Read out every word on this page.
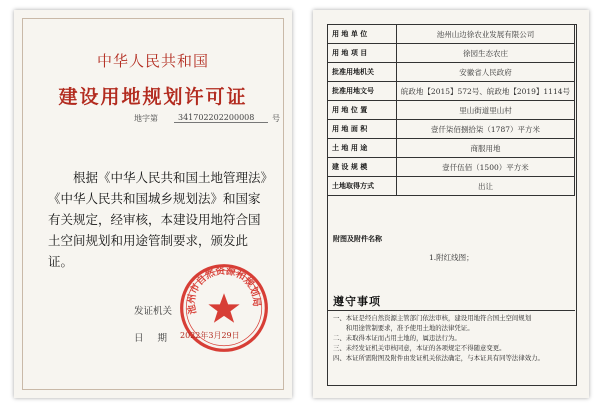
中华人民共和国
建设用地规划许可证
地字第	341702202200008	号
根据《中华人民共和国土地管理法》《中华人民共和国城乡规划法》和国家有关规定，经审核，本建设用地符合国土空间规划和用途管制要求，颁发此证。
发证机关
日期
2022年3月29日
池州市自然资源和规划局
用 地 单 位	池州山边徐农业发展有限公司
用 地 项 目	徐园生态农庄
批准用地机关	安徽省人民政府
批准用地文号	皖政地【2015】572号、皖政地【2019】1114号
用 地 位 置	里山街道里山村
用 地 面 积	壹仟柒佰捌拾柒（1787）平方米
土 地 用 途	商服用地
建 设 规 模	壹仟伍佰（1500）平方米
土地取得方式	出让
附图及附件名称
1.附红线图；
遵守事项
一、本证是经自然资源主管部门依法审核，建设用地符合国土空间规划
　　和用途管制要求，准予使用土地的法律凭证。
二、未取得本证而占用土地的，属违法行为。
三、未经发证机关审核同意，本证的各项规定不得随意变更。
四、本证所需附图及附件由发证机关依法确定，与本证具有同等法律效力。
